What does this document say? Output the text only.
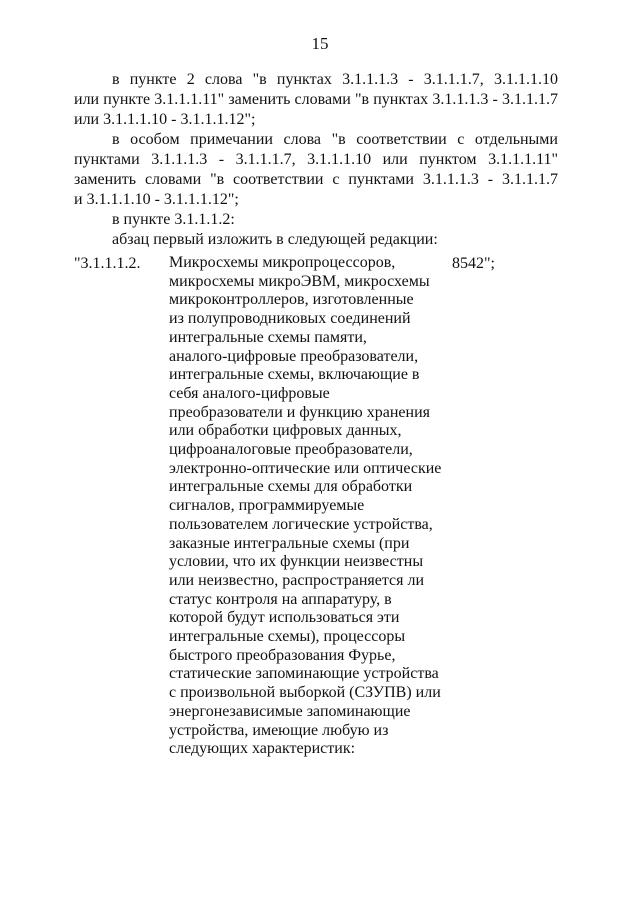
15
в пункте 2 слова "в пунктах 3.1.1.1.3 - 3.1.1.1.7, 3.1.1.1.10
или пункте 3.1.1.1.11" заменить словами "в пунктах 3.1.1.1.3 - 3.1.1.1.7
или 3.1.1.1.10 - 3.1.1.1.12";
в особом примечании слова "в соответствии с отдельными
пунктами 3.1.1.1.3 - 3.1.1.1.7, 3.1.1.1.10 или пунктом 3.1.1.1.11"
заменить словами "в соответствии с пунктами 3.1.1.1.3 - 3.1.1.1.7
и 3.1.1.1.10 - 3.1.1.1.12";
в пункте 3.1.1.1.2:
абзац первый изложить в следующей редакции:
"3.1.1.1.2. Микросхемы микропроцессоров,
микросхемы микроЭВМ, микросхемы
микроконтроллеров, изготовленные
из полупроводниковых соединений
интегральные схемы памяти,
аналого-цифровые преобразователи,
интегральные схемы, включающие в
себя аналого-цифровые
преобразователи и функцию хранения
или обработки цифровых данных,
цифроаналоговые преобразователи,
электронно-оптические или оптические
интегральные схемы для обработки
сигналов, программируемые
пользователем логические устройства,
заказные интегральные схемы (при
условии, что их функции неизвестны
или неизвестно, распространяется ли
статус контроля на аппаратуру, в
которой будут использоваться эти
интегральные схемы), процессоры
быстрого преобразования Фурье,
статические запоминающие устройства
с произвольной выборкой (СЗУПВ) или
энергонезависимые запоминающие
устройства, имеющие любую из
следующих характеристик:
8542";
